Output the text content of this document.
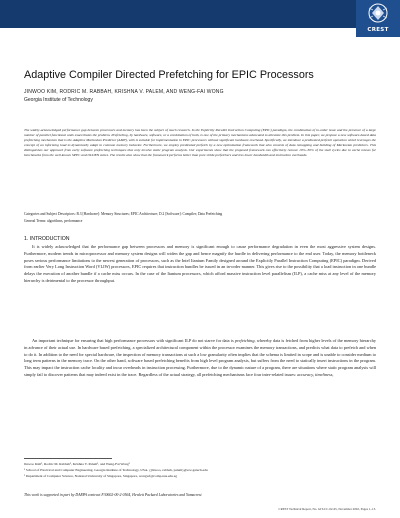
CREST
Adaptive Compiler Directed Prefetching for EPIC Processors
JINWOO KIM, RODRIC M. RABBAH, KRISHNA V. PALEM, AND WENG-FAI WONG
Georgia Institute of Technology

The widely-acknowledged performance gap between processors and memory has been the subject of much research. In the Explicitly Parallel Instruction Computing (EPIC) paradigm, the combination of in-order issue and the presence of a large number of parallel functional units exacerbates the problem. Prefetching, by hardware, software, or a combination of both, is one of the primary mechanisms advocated to alleviate this problem. In this paper, we propose a new software-based data prefetching mechanism that is the Adaptive Markovian Predictor (AMP), with is suitable for implementation in EPIC processors without significant hardware overhead. Specifically, we introduce a predicated prefetch operation which leverages the concept of an informing load to dynamically adapt to common memory behavior. Furthermore, we employ predicated prefetch by a new optimization framework that also consists of data remapping and building of Markovian predictors. This distinguishes our approach from early software prefetching techniques that only involve static program analysis. Our experiments show that the proposed framework can effectively remove 10%–30% of the stall cycles due to cache misses for benchmarks from the well-known SPEC and OLDEN suites. The results also show that the framework performs better than pure stride prefetchers and less lower bandwidth and instruction overheads.

Categories and Subject Descriptors: B.3 [Hardware]: Memory Structures; EPIC Architecture; D.2 [Software]: Compiler; Data Prefetching

General Terms: algorithms, performance

1. INTRODUCTION

It is widely acknowledged that the performance gap between processors and memory is significant enough to cause performance degradation in even the most aggressive system designs. Furthermore, modern trends in microprocessor and memory system designs will widen the gap and hence magnify the hurdle in delivering performance to the end user. Today, the memory bottleneck poses serious performance limitations to the newest generation of processors, such as the Intel Itanium Family designed around the Explicitly Parallel Instruction Computing (EPIC) paradigm. Derived from earlier Very Long Instruction Word (VLIW) processors, EPIC requires that instruction bundles be issued in an in-order manner. This gives rise to the possibility that a load instruction in one bundle delays the execution of another bundle if a cache miss occurs. In the case of the Itanium processors, which afford massive instruction level parallelism (ILP), a cache miss at any level of the memory hierarchy is detrimental to the processor throughput.

An important technique for ensuring that high performance processors with significant ILP do not starve for data is prefetching, whereby data is fetched from higher levels of the memory hierarchy in advance of their actual use. In hardware based prefetching, a specialized architectural component within the processor examines the memory transactions, and predicts what data to prefetch and when to do it. In addition to the need for special hardware, the inspection of memory transactions at such a low granularity often implies that the schema is limited in scope and is unable to consider medium to long term patterns in the memory trace. On the other hand, software based prefetching benefits from high level program analysis, but suffers from the need to statically insert instructions in the program. This may impact the instruction cache locality and incur overheads in instruction processing. Furthermore, due to the dynamic nature of a program, there are situations where static program analysis will simply fail to discover patterns that may indeed exist in the trace. Regardless of the actual strategy, all prefetching mechanisms face four inter-related issues: accuracy, timeliness,

Jinwoo Kim¹, Rodric M. Rabbah¹, Krishna V. Palem¹, and Weng-Fai Wong²

¹ School of Electrical and Computer Engineering, Georgia Institute of Technology, USA. {jinwoo, rabbah, palem}@ece.gatech.edu

² Department of Computer Science, National University of Singapore, Singapore, wongwf@comp.nus.edu.sg

This work is supported in part by DARPA contract F30602-00-2-0564, Hewlett Packard Laboratories and Yamacrest
CREST Technical Report, No. GIT-CC-02-65, November 2002, Pages 1–13.
